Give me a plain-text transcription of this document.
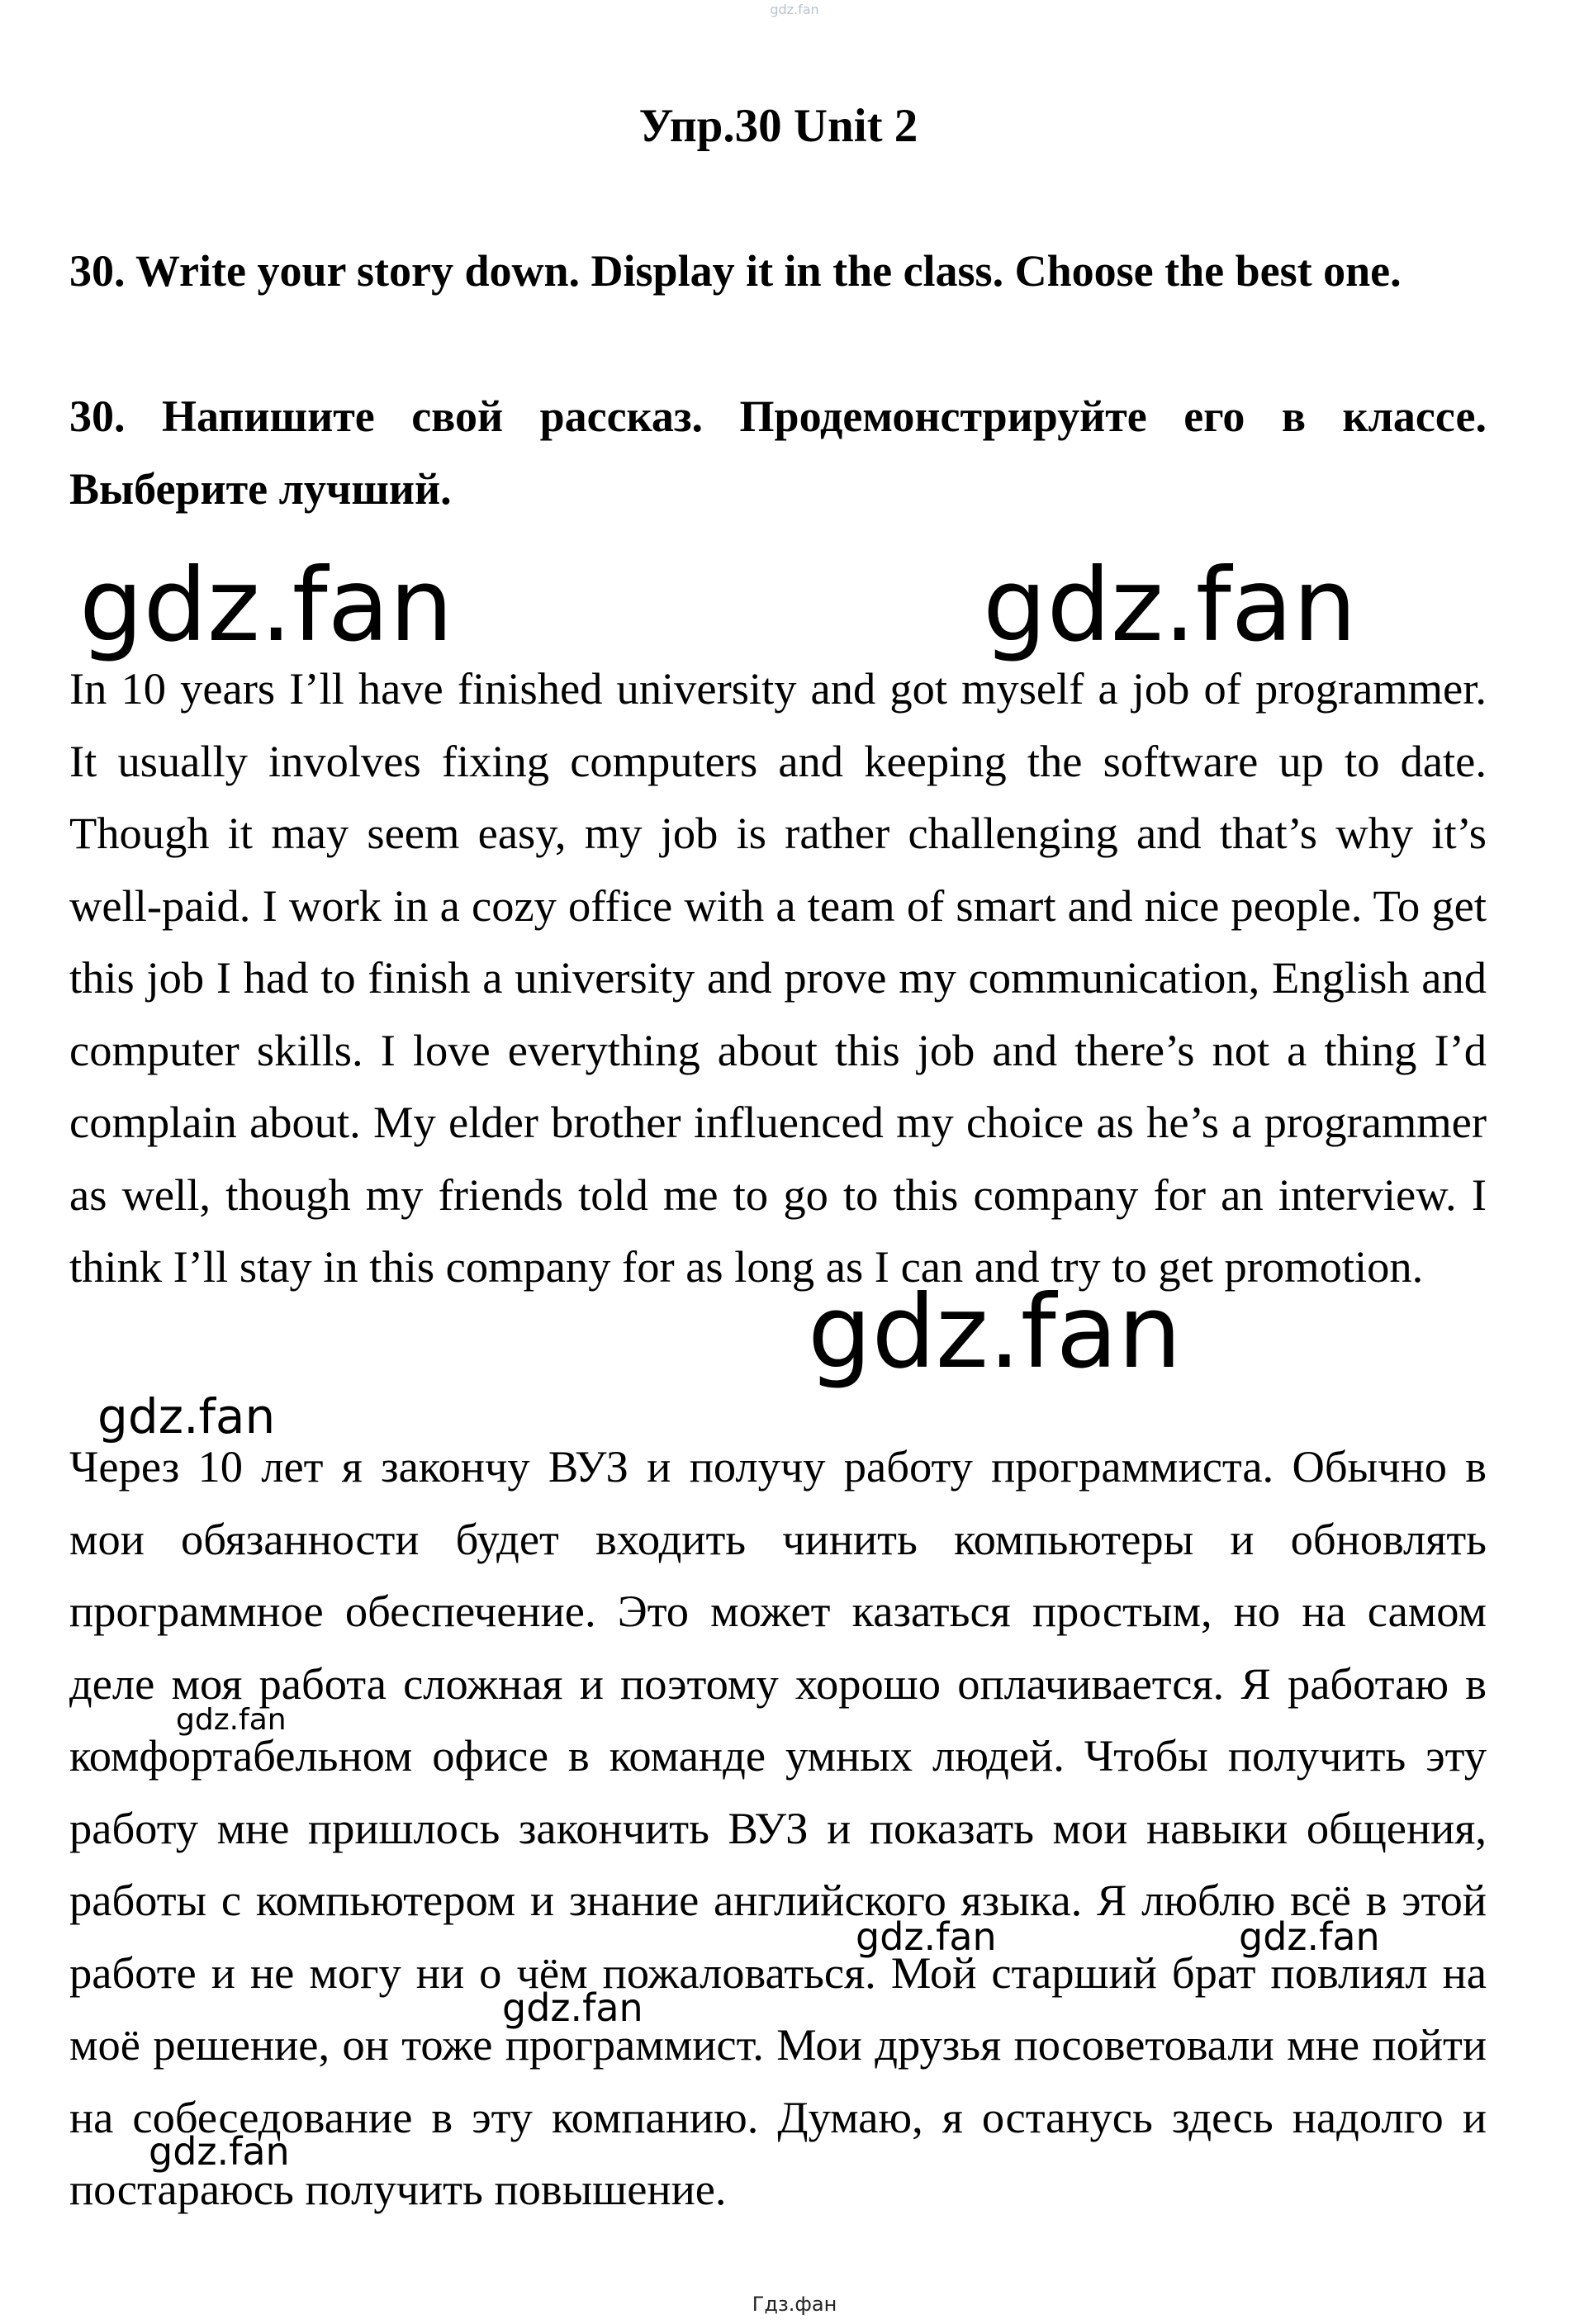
gdz.fan
Упр.30 Unit 2
30. Write your story down. Display it in the class. Choose the best one.
30. Напишите свой рассказ. Продемонстрируйте его в классе. Выберите лучший.
In 10 years I’ll have finished university and got myself a job of programmer. It usually involves fixing computers and keeping the software up to date. Though it may seem easy, my job is rather challenging and that’s why it’s well-paid. I work in a cozy office with a team of smart and nice people. To get this job I had to finish a university and prove my communication, English and computer skills. I love everything about this job and there’s not a thing I’d complain about. My elder brother influenced my choice as he’s a programmer as well, though my friends told me to go to this company for an interview. I think I’ll stay in this company for as long as I can and try to get promotion.
Через 10 лет я закончу ВУЗ и получу работу программиста. Обычно в мои обязанности будет входить чинить компьютеры и обновлять программное обеспечение. Это может казаться простым, но на самом деле моя работа сложная и поэтому хорошо оплачивается. Я работаю в комфортабельном офисе в команде умных людей. Чтобы получить эту работу мне пришлось закончить ВУЗ и показать мои навыки общения, работы с компьютером и знание английского языка. Я люблю всё в этой работе и не могу ни о чём пожаловаться. Мой старший брат повлиял на моё решение, он тоже программист. Мои друзья посоветовали мне пойти на собеседование в эту компанию. Думаю, я останусь здесь надолго и постараюсь получить повышение.
gdz.fan	gdz.fan
gdz.fan
gdz.fan
gdz.fan
gdz.fan	gdz.fan
gdz.fan
gdz.fan
Гдз.фан
